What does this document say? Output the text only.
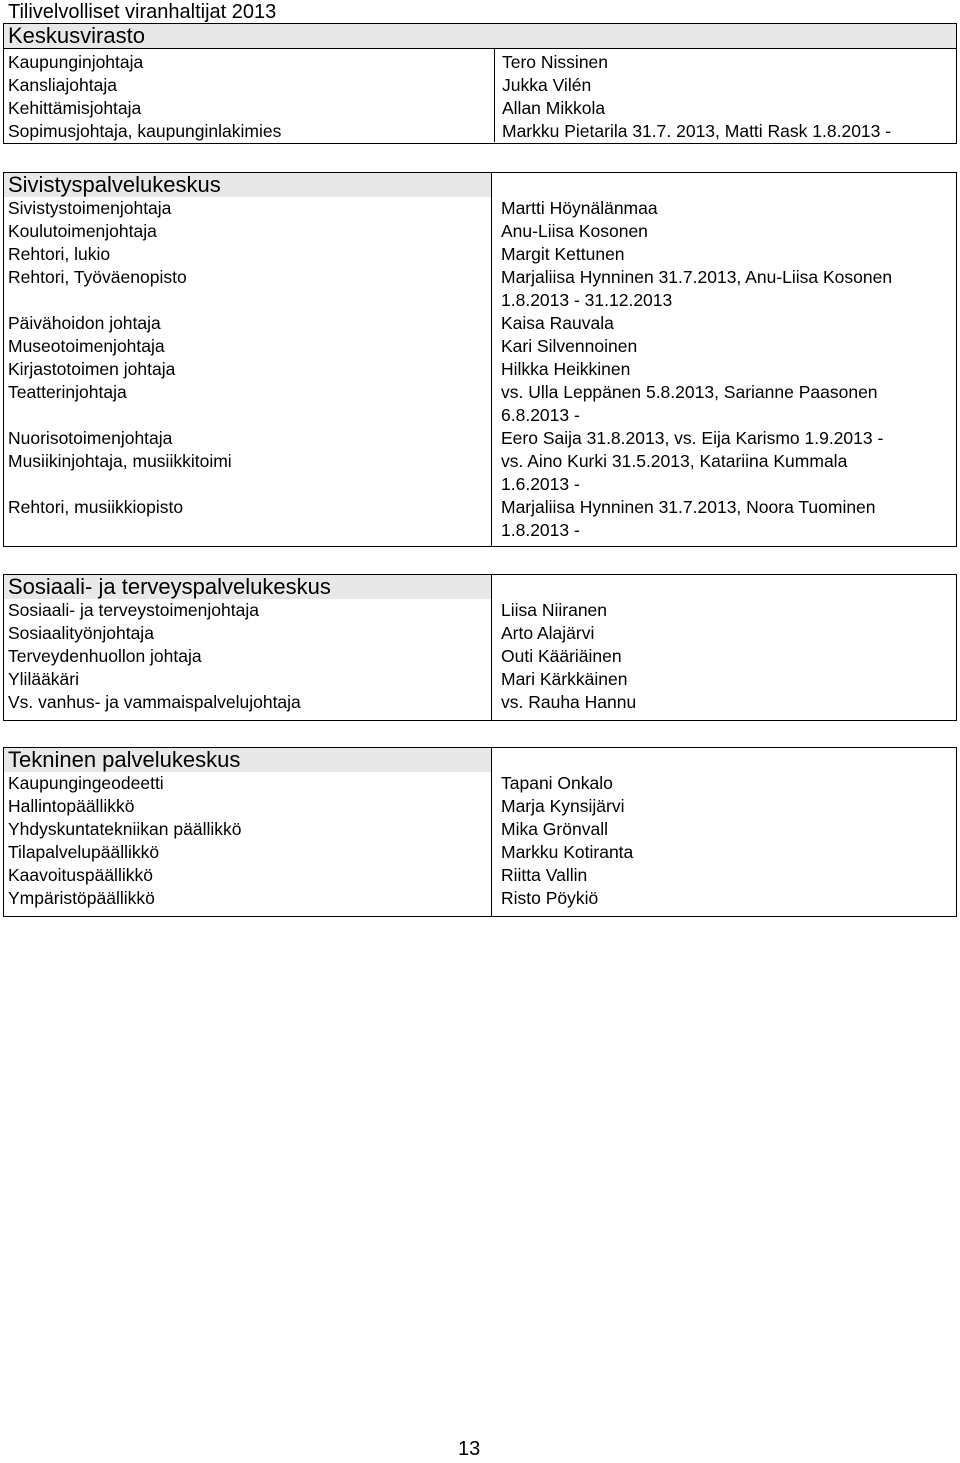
Tilivelvolliset viranhaltijat 2013
Keskusvirasto
Kaupunginjohtaja
Kansliajohtaja
Kehittämisjohtaja
Sopimusjohtaja, kaupunginlakimies
Tero Nissinen
Jukka Vilén
Allan Mikkola
Markku Pietarila 31.7. 2013, Matti Rask 1.8.2013 -
Sivistyspalvelukeskus
Sivistystoimenjohtaja
Koulutoimenjohtaja
Rehtori, lukio
Rehtori, Työväenopisto
Päivähoidon johtaja
Museotoimenjohtaja
Kirjastotoimen johtaja
Teatterinjohtaja
Nuorisotoimenjohtaja
Musiikinjohtaja, musiikkitoimi
Rehtori, musiikkiopisto
Martti Höynälänmaa
Anu-Liisa Kosonen
Margit Kettunen
Marjaliisa Hynninen 31.7.2013, Anu-Liisa Kosonen
1.8.2013 - 31.12.2013
Kaisa Rauvala
Kari Silvennoinen
Hilkka Heikkinen
vs. Ulla Leppänen 5.8.2013, Sarianne Paasonen
6.8.2013 -
Eero Saija 31.8.2013, vs. Eija Karismo 1.9.2013 -
vs. Aino Kurki 31.5.2013, Katariina Kummala
1.6.2013 -
Marjaliisa Hynninen 31.7.2013, Noora Tuominen
1.8.2013 -
Sosiaali- ja terveyspalvelukeskus
Sosiaali- ja terveystoimenjohtaja
Sosiaalityönjohtaja
Terveydenhuollon johtaja
Ylilääkäri
Vs. vanhus- ja vammaispalvelujohtaja
Liisa Niiranen
Arto Alajärvi
Outi Kääriäinen
Mari Kärkkäinen
vs. Rauha Hannu
Tekninen palvelukeskus
Kaupungingeodeetti
Hallintopäällikkö
Yhdyskuntatekniikan päällikkö
Tilapalvelupäällikkö
Kaavoituspäällikkö
Ympäristöpäällikkö
Tapani Onkalo
Marja Kynsijärvi
Mika Grönvall
Markku Kotiranta
Riitta Vallin
Risto Pöykiö
13
